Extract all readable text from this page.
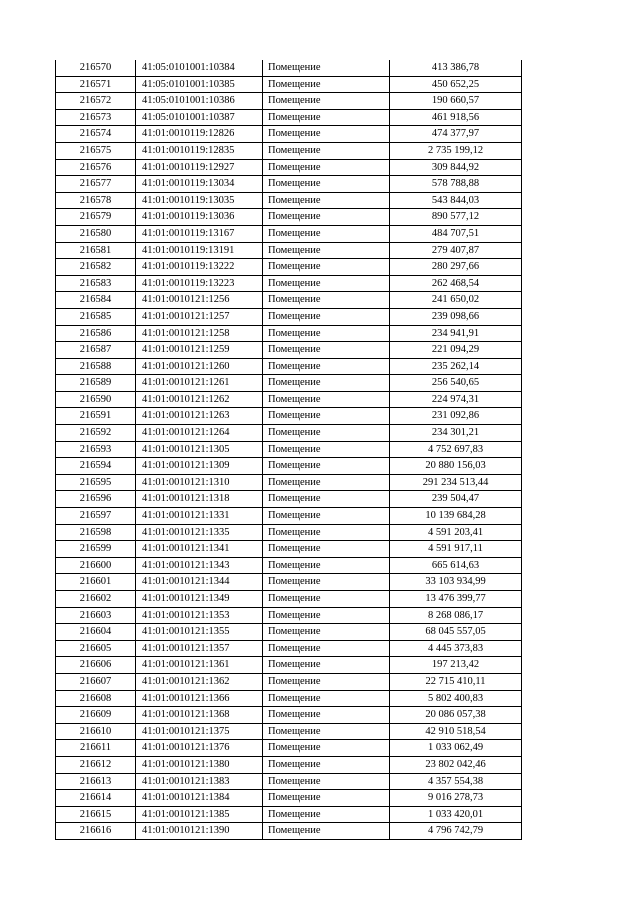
216570	41:05:0101001:10384	Помещение	413 386,78
216571	41:05:0101001:10385	Помещение	450 652,25
216572	41:05:0101001:10386	Помещение	190 660,57
216573	41:05:0101001:10387	Помещение	461 918,56
216574	41:01:0010119:12826	Помещение	474 377,97
216575	41:01:0010119:12835	Помещение	2 735 199,12
216576	41:01:0010119:12927	Помещение	309 844,92
216577	41:01:0010119:13034	Помещение	578 788,88
216578	41:01:0010119:13035	Помещение	543 844,03
216579	41:01:0010119:13036	Помещение	890 577,12
216580	41:01:0010119:13167	Помещение	484 707,51
216581	41:01:0010119:13191	Помещение	279 407,87
216582	41:01:0010119:13222	Помещение	280 297,66
216583	41:01:0010119:13223	Помещение	262 468,54
216584	41:01:0010121:1256	Помещение	241 650,02
216585	41:01:0010121:1257	Помещение	239 098,66
216586	41:01:0010121:1258	Помещение	234 941,91
216587	41:01:0010121:1259	Помещение	221 094,29
216588	41:01:0010121:1260	Помещение	235 262,14
216589	41:01:0010121:1261	Помещение	256 540,65
216590	41:01:0010121:1262	Помещение	224 974,31
216591	41:01:0010121:1263	Помещение	231 092,86
216592	41:01:0010121:1264	Помещение	234 301,21
216593	41:01:0010121:1305	Помещение	4 752 697,83
216594	41:01:0010121:1309	Помещение	20 880 156,03
216595	41:01:0010121:1310	Помещение	291 234 513,44
216596	41:01:0010121:1318	Помещение	239 504,47
216597	41:01:0010121:1331	Помещение	10 139 684,28
216598	41:01:0010121:1335	Помещение	4 591 203,41
216599	41:01:0010121:1341	Помещение	4 591 917,11
216600	41:01:0010121:1343	Помещение	665 614,63
216601	41:01:0010121:1344	Помещение	33 103 934,99
216602	41:01:0010121:1349	Помещение	13 476 399,77
216603	41:01:0010121:1353	Помещение	8 268 086,17
216604	41:01:0010121:1355	Помещение	68 045 557,05
216605	41:01:0010121:1357	Помещение	4 445 373,83
216606	41:01:0010121:1361	Помещение	197 213,42
216607	41:01:0010121:1362	Помещение	22 715 410,11
216608	41:01:0010121:1366	Помещение	5 802 400,83
216609	41:01:0010121:1368	Помещение	20 086 057,38
216610	41:01:0010121:1375	Помещение	42 910 518,54
216611	41:01:0010121:1376	Помещение	1 033 062,49
216612	41:01:0010121:1380	Помещение	23 802 042,46
216613	41:01:0010121:1383	Помещение	4 357 554,38
216614	41:01:0010121:1384	Помещение	9 016 278,73
216615	41:01:0010121:1385	Помещение	1 033 420,01
216616	41:01:0010121:1390	Помещение	4 796 742,79
